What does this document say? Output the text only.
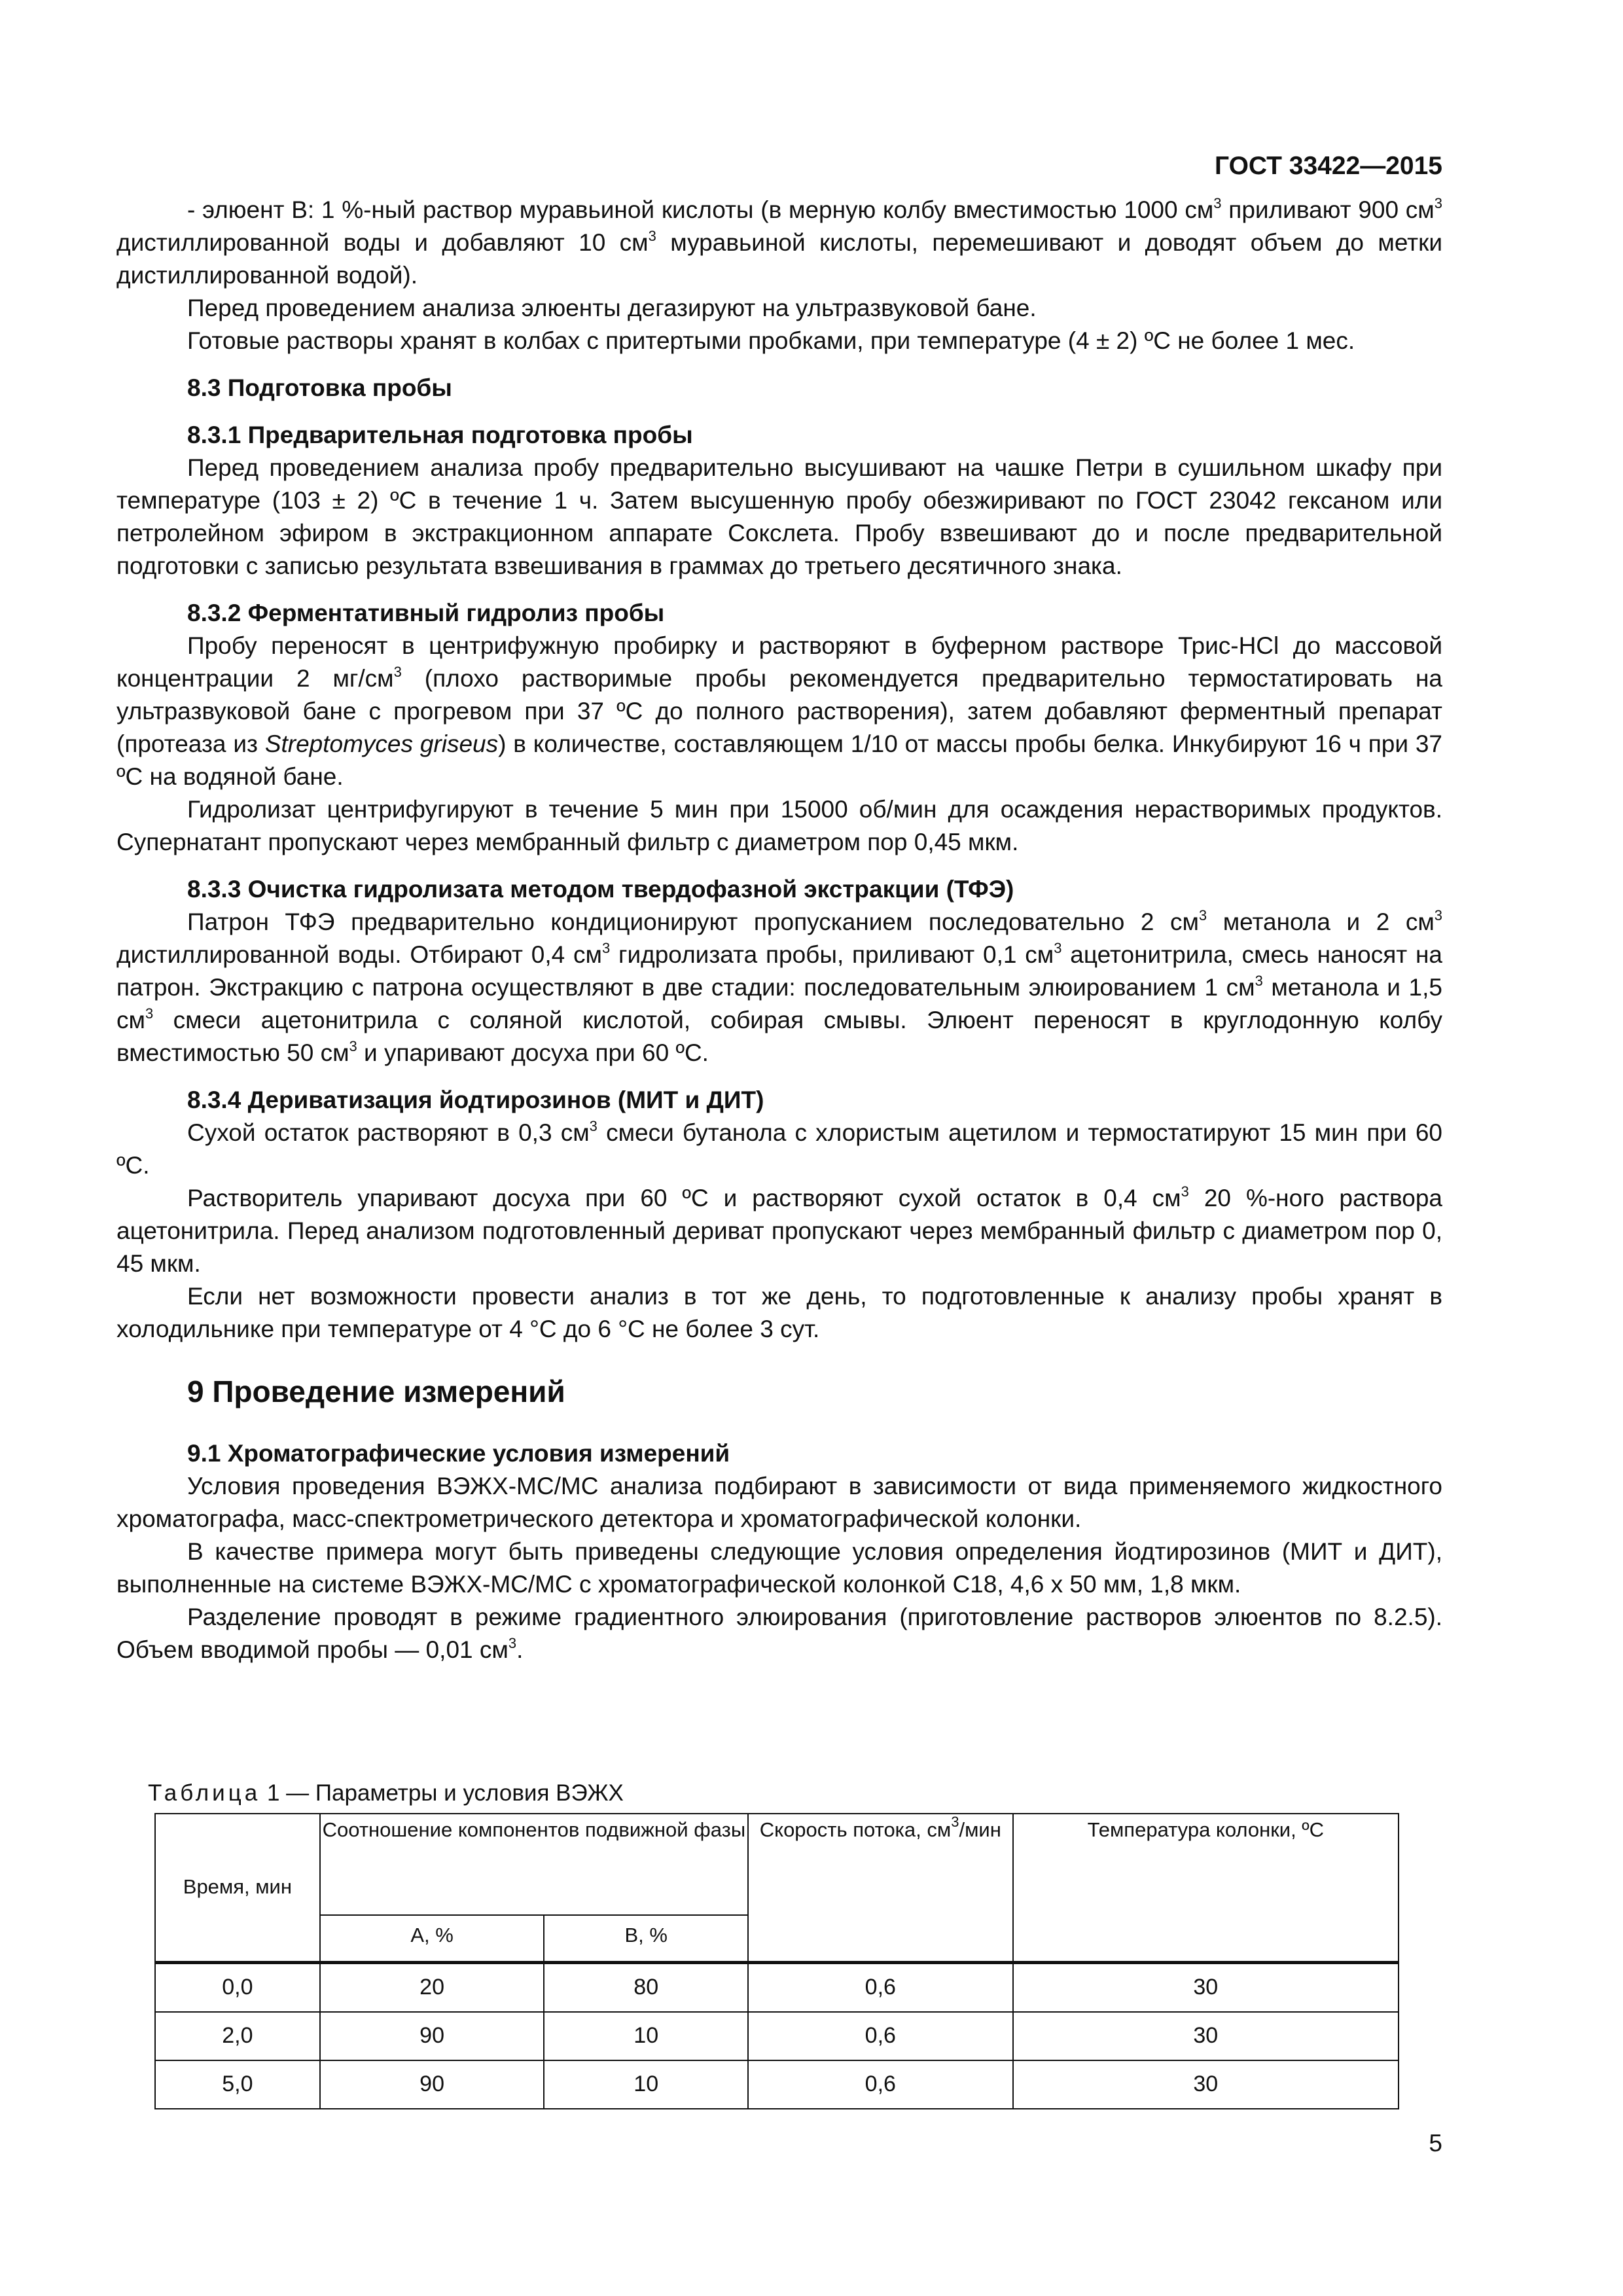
ГОСТ 33422—2015

- элюент В: 1 %-ный раствор муравьиной кислоты (в мерную колбу вместимостью 1000 $см^3$ приливают 900 $см^3$ дистиллированной воды и добавляют 10 $см^3$ муравьиной кислоты, перемешивают и доводят объем до метки дистиллированной водой).

Перед проведением анализа элюенты дегазируют на ультразвуковой бане.

Готовые растворы хранят в колбах с притертыми пробками, при температуре (4 ± 2) ºС не более 1 мес.

8.3 Подготовка пробы
8.3.1 Предварительная подготовка пробы

Перед проведением анализа пробу предварительно высушивают на чашке Петри в сушильном шкафу при температуре (103 ± 2) ºС в течение 1 ч. Затем высушенную пробу обезжиривают по ГОСТ 23042 гексаном или петролейном эфиром в экстракционном аппарате Сокслета. Пробу взвешивают до и после предварительной подготовки с записью результата взвешивания в граммах до третьего десятичного знака.

8.3.2 Ферментативный гидролиз пробы

Пробу переносят в центрифужную пробирку и растворяют в буферном растворе Трис-HCl до массовой концентрации 2 $мг/см^3$ (плохо растворимые пробы рекомендуется предварительно термостатировать на ультразвуковой бане с прогревом при 37 ºС до полного растворения), затем добавляют ферментный препарат (протеаза из Streptomyces griseus) в количестве, составляющем 1/10 от массы пробы белка. Инкубируют 16 ч при 37 ºС на водяной бане.

Гидролизат центрифугируют в течение 5 мин при 15000 об/мин для осаждения нерастворимых продуктов. Супернатант пропускают через мембранный фильтр с диаметром пор 0,45 мкм.

8.3.3 Очистка гидролизата методом твердофазной экстракции (ТФЭ)

Патрон ТФЭ предварительно кондиционируют пропусканием последовательно 2 $см^3$ метанола и 2 $см^3$ дистиллированной воды. Отбирают 0,4 $см^3$ гидролизата пробы, приливают 0,1 $см^3$ ацетонитрила, смесь наносят на патрон. Экстракцию с патрона осуществляют в две стадии: последовательным элюированием 1 $см^3$ метанола и 1,5 $см^3$ смеси ацетонитрила с соляной кислотой, собирая смывы. Элюент переносят в круглодонную колбу вместимостью 50 $см^3$ и упаривают досуха при 60 ºС.

8.3.4 Дериватизация йодтирозинов (МИТ и ДИТ)

Сухой остаток растворяют в 0,3 $см^3$ смеси бутанола с хлористым ацетилом и термостатируют 15 мин при 60 ºС.

Растворитель упаривают досуха при 60 ºС и растворяют сухой остаток в 0,4 $см^3$ 20 %-ного раствора ацетонитрила. Перед анализом подготовленный дериват пропускают через мембранный фильтр с диаметром пор 0, 45 мкм.

Если нет возможности провести анализ в тот же день, то подготовленные к анализу пробы хранят в холодильнике при температуре от 4 °С до 6 °С не более 3 сут.

9 Проведение измерений
9.1 Хроматографические условия измерений

Условия проведения ВЭЖХ-МС/МС анализа подбирают в зависимости от вида применяемого жидкостного хроматографа, масс-спектрометрического детектора и хроматографической колонки.

В качестве примера могут быть приведены следующие условия определения йодтирозинов (МИТ и ДИТ), выполненные на системе ВЭЖХ-МС/МС с хроматографической колонкой С18, 4,6 х 50 мм, 1,8 мкм.

Разделение проводят в режиме градиентного элюирования (приготовление растворов элюентов по 8.2.5). Объем вводимой пробы — 0,01 $см^3$.

Таблица 1 — Параметры и условия ВЭЖХ
Время, мин	Соотношение компонентов подвижной фазы		Скорость потока, $см^3$/мин	Температура колонки, ºС
	А, %	В, %		
0,0	20	80	0,6	30
2,0	90	10	0,6	30
5,0	90	10	0,6	30
5
